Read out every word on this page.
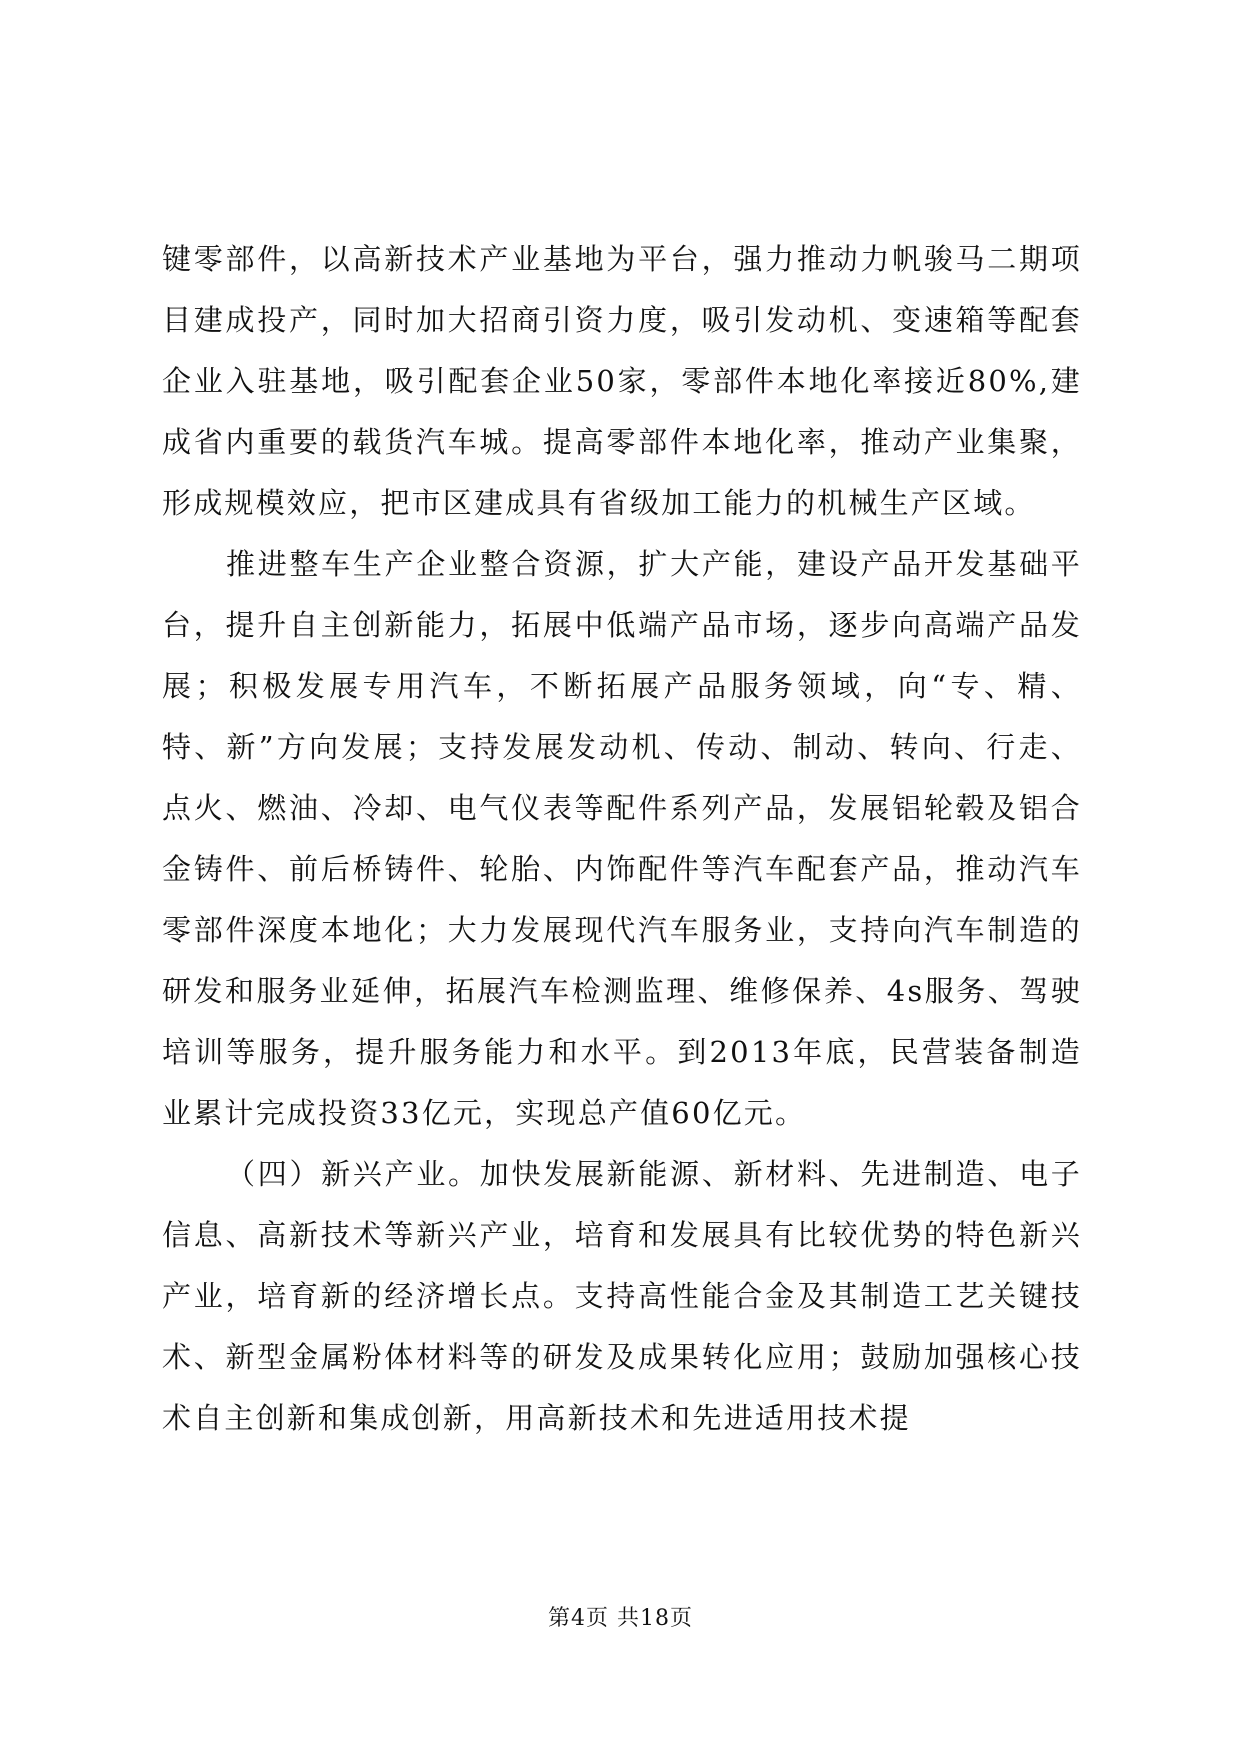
键零部件，以高新技术产业基地为平台，强力推动力帆骏马二期项目建成投产，同时加大招商引资力度，吸引发动机、变速箱等配套企业入驻基地，吸引配套企业50家，零部件本地化率接近80%,建成省内重要的载货汽车城。提高零部件本地化率，推动产业集聚，形成规模效应，把市区建成具有省级加工能力的机械生产区域。

推进整车生产企业整合资源，扩大产能，建设产品开发基础平台，提升自主创新能力，拓展中低端产品市场，逐步向高端产品发展；积极发展专用汽车，不断拓展产品服务领域，向“专、精、特、新”方向发展；支持发展发动机、传动、制动、转向、行走、点火、燃油、冷却、电气仪表等配件系列产品，发展铝轮毂及铝合金铸件、前后桥铸件、轮胎、内饰配件等汽车配套产品，推动汽车零部件深度本地化；大力发展现代汽车服务业，支持向汽车制造的研发和服务业延伸，拓展汽车检测监理、维修保养、4s服务、驾驶培训等服务，提升服务能力和水平。到2013年底，民营装备制造业累计完成投资33亿元，实现总产值60亿元。

（四）新兴产业。加快发展新能源、新材料、先进制造、电子信息、高新技术等新兴产业，培育和发展具有比较优势的特色新兴产业，培育新的经济增长点。支持高性能合金及其制造工艺关键技术、新型金属粉体材料等的研发及成果转化应用；鼓励加强核心技术自主创新和集成创新，用高新技术和先进适用技术提

第4页 共18页
